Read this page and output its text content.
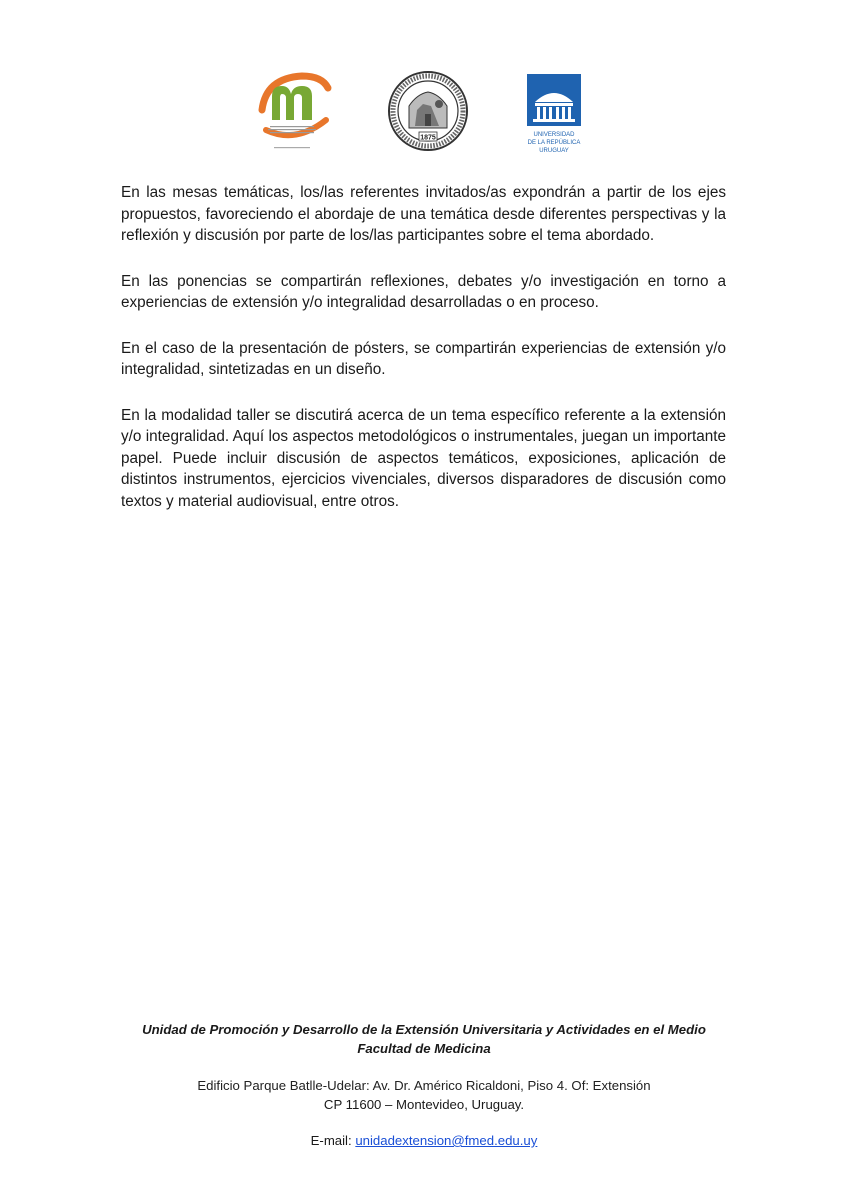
1875	UNIVERSIDAD
DE LA REPÚBLICA
URUGUAY

En las mesas temáticas, los/las referentes invitados/as expondrán a partir de los ejes propuestos, favoreciendo el abordaje de una temática desde diferentes perspectivas y la reflexión y discusión por parte de los/las participantes sobre el tema abordado.

En las ponencias se compartirán reflexiones, debates y/o investigación en torno a experiencias de extensión y/o integralidad desarrolladas o en proceso.

En el caso de la presentación de pósters, se compartirán experiencias de extensión y/o integralidad, sintetizadas en un diseño.

En la modalidad taller se discutirá acerca de un tema específico referente a la extensión y/o integralidad. Aquí los aspectos metodológicos o instrumentales, juegan un importante papel. Puede incluir discusión de aspectos temáticos, exposiciones, aplicación de distintos instrumentos, ejercicios vivenciales, diversos disparadores de discusión como textos y material audiovisual, entre otros.

Unidad de Promoción y Desarrollo de la Extensión Universitaria y Actividades en el Medio
Facultad de Medicina
Edificio Parque Batlle-Udelar: Av. Dr. Américo Ricaldoni, Piso 4. Of: Extensión
CP 11600 – Montevideo, Uruguay.
E-mail: unidadextension@fmed.edu.uy
